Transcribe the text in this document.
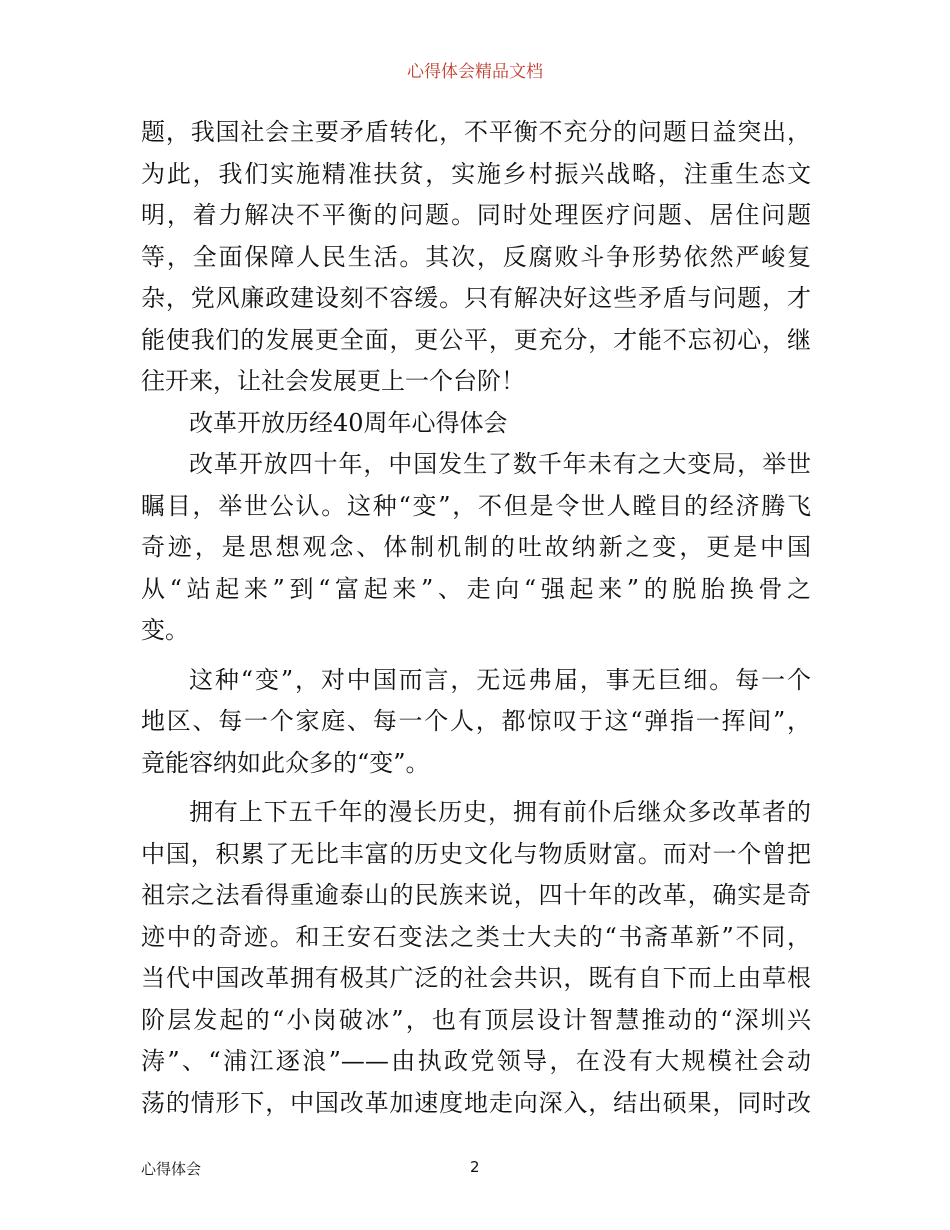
心得体会精品文档
题，我国社会主要矛盾转化，不平衡不充分的问题日益突出，
为此，我们实施精准扶贫，实施乡村振兴战略，注重生态文
明，着力解决不平衡的问题。同时处理医疗问题、居住问题
等，全面保障人民生活。其次，反腐败斗争形势依然严峻复
杂，党风廉政建设刻不容缓。只有解决好这些矛盾与问题，才
能使我们的发展更全面，更公平，更充分，才能不忘初心，继
往开来，让社会发展更上一个台阶！
改革开放历经40周年心得体会
改革开放四十年，中国发生了数千年未有之大变局，举世
瞩目，举世公认。这种“变”，不但是令世人瞠目的经济腾飞
奇迹，是思想观念、体制机制的吐故纳新之变，更是中国
从“站起来”到“富起来”、走向“强起来”的脱胎换骨之
变。
这种“变”，对中国而言，无远弗届，事无巨细。每一个
地区、每一个家庭、每一个人，都惊叹于这“弹指一挥间”，
竟能容纳如此众多的“变”。
拥有上下五千年的漫长历史，拥有前仆后继众多改革者的
中国，积累了无比丰富的历史文化与物质财富。而对一个曾把
祖宗之法看得重逾泰山的民族来说，四十年的改革，确实是奇
迹中的奇迹。和王安石变法之类士大夫的“书斋革新”不同，
当代中国改革拥有极其广泛的社会共识，既有自下而上由草根
阶层发起的“小岗破冰”，也有顶层设计智慧推动的“深圳兴
涛”、“浦江逐浪”——由执政党领导，在没有大规模社会动
荡的情形下，中国改革加速度地走向深入，结出硕果，同时改
心得体会	2
